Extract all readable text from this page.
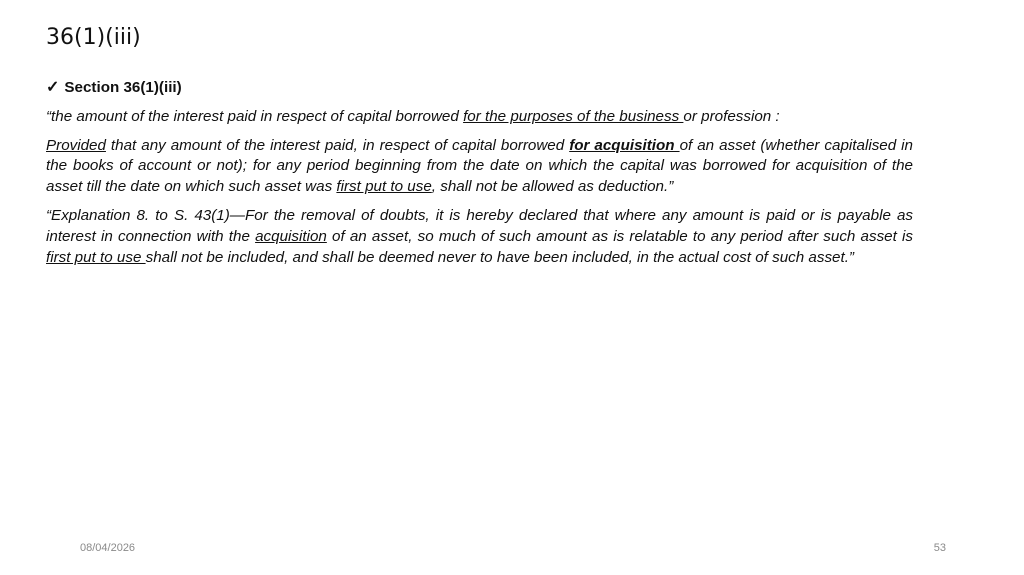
36(1)(iii)
✓ Section 36(1)(iii)

“the amount of the interest paid in respect of capital borrowed for the purposes of the business or profession :

Provided that any amount of the interest paid, in respect of capital borrowed for acquisition of an asset (whether capitalised in the books of account or not); for any period beginning from the date on which the capital was borrowed for acquisition of the asset till the date on which such asset was first put to use, shall not be allowed as deduction.”

“Explanation 8. to S. 43(1)—For the removal of doubts, it is hereby declared that where any amount is paid or is payable as interest in connection with the acquisition of an asset, so much of such amount as is relatable to any period after such asset is first put to use shall not be included, and shall be deemed never to have been included, in the actual cost of such asset.”

08/04/2026	53
